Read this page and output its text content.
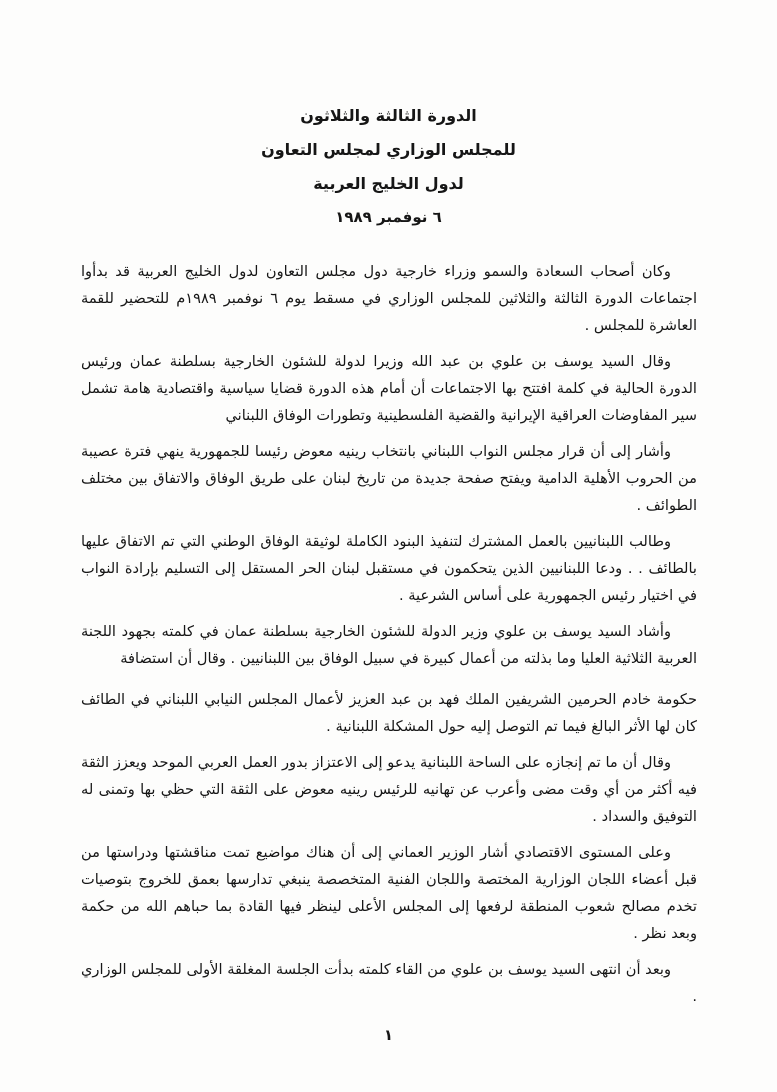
الدورة الثالثة والثلاثون

للمجلس الوزاري لمجلس التعاون

لدول الخليج العربية

٦ نوفمبر ١٩٨٩

وكان أصحاب السعادة والسمو وزراء خارجية دول مجلس التعاون لدول الخليج العربية قد بدأوا اجتماعات الدورة الثالثة والثلاثين للمجلس الوزاري في مسقط يوم ٦ نوفمبر ١٩٨٩م للتحضير للقمة العاشرة للمجلس .

وقال السيد يوسف بن علوي بن عبد الله وزيرا لدولة للشئون الخارجية بسلطنة عمان ورئيس الدورة الحالية في كلمة افتتح بها الاجتماعات أن أمام هذه الدورة قضايا سياسية واقتصادية هامة تشمل سير المفاوضات العراقية الإيرانية والقضية الفلسطينية وتطورات الوفاق اللبناني

وأشار إلى أن قرار مجلس النواب اللبناني بانتخاب رينيه معوض رئيسا للجمهورية ينهي فترة عصيبة من الحروب الأهلية الدامية ويفتح صفحة جديدة من تاريخ لبنان على طريق الوفاق والاتفاق بين مختلف الطوائف .

وطالب اللبنانيين بالعمل المشترك لتنفيذ البنود الكاملة لوثيقة الوفاق الوطني التي تم الاتفاق عليها بالطائف . . ودعا اللبنانيين الذين يتحكمون في مستقبل لبنان الحر المستقل إلى التسليم بإرادة النواب في اختيار رئيس الجمهورية على أساس الشرعية .

وأشاد السيد يوسف بن علوي وزير الدولة للشئون الخارجية بسلطنة عمان في كلمته بجهود اللجنة العربية الثلاثية العليا وما بذلته من أعمال كبيرة في سبيل الوفاق بين اللبنانيين . وقال أن استضافة

حكومة خادم الحرمين الشريفين الملك فهد بن عبد العزيز لأعمال المجلس النيابي اللبناني في الطائف كان لها الأثر البالغ فيما تم التوصل إليه حول المشكلة اللبنانية .

وقال أن ما تم إنجازه على الساحة اللبنانية يدعو إلى الاعتزاز بدور العمل العربي الموحد ويعزز الثقة فيه أكثر من أي وقت مضى وأعرب عن تهانيه للرئيس رينيه معوض على الثقة التي حظي بها وتمنى له التوفيق والسداد .

وعلى المستوى الاقتصادي أشار الوزير العماني إلى أن هناك مواضيع تمت مناقشتها ودراستها من قبل أعضاء اللجان الوزارية المختصة واللجان الفنية المتخصصة ينبغي تدارسها بعمق للخروج بتوصيات تخدم مصالح شعوب المنطقة لرفعها إلى المجلس الأعلى لينظر فيها القادة بما حباهم الله من حكمة وبعد نظر .

وبعد أن انتهى السيد يوسف بن علوي من القاء كلمته بدأت الجلسة المغلقة الأولى للمجلس الوزاري .

١
